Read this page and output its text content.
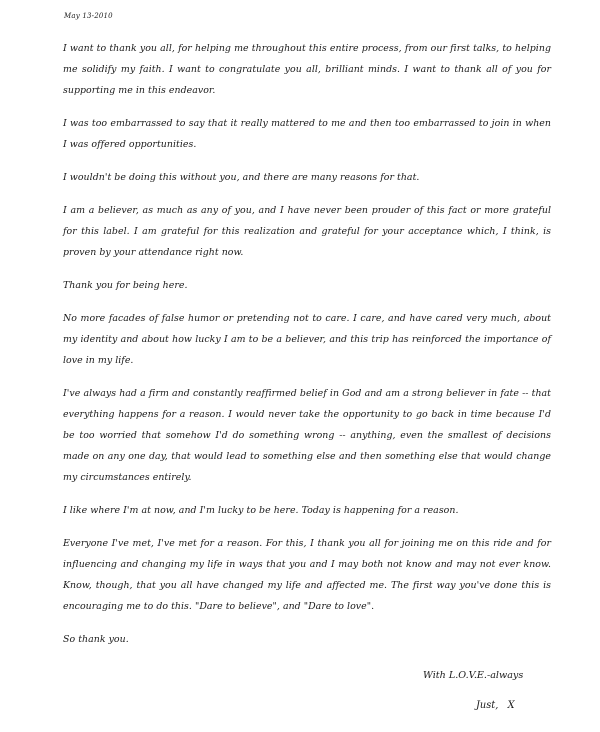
May 13-2010

I want to thank you all, for helping me throughout this entire process, from our first talks, to helping me solidify my faith. I want to congratulate you all, brilliant minds. I want to thank all of you for supporting me in this endeavor.

I was too embarrassed to say that it really mattered to me and then too embarrassed to join in when I was offered opportunities.

I wouldn't be doing this without you, and there are many reasons for that.

I am a believer, as much as any of you, and I have never been prouder of this fact or more grateful for this label. I am grateful for this realization and grateful for your acceptance which, I think, is proven by your attendance right now.

Thank you for being here.

No more facades of false humor or pretending not to care. I care, and have cared very much, about my identity and about how lucky I am to be a believer, and this trip has reinforced the importance of love in my life.

I've always had a firm and constantly reaffirmed belief in God and am a strong believer in fate -- that everything happens for a reason. I would never take the opportunity to go back in time because I'd be too worried that somehow I'd do something wrong -- anything, even the smallest of decisions made on any one day, that would lead to something else and then something else that would change my circumstances entirely.

I like where I'm at now, and I'm lucky to be here. Today is happening for a reason.

Everyone I've met, I've met for a reason. For this, I thank you all for joining me on this ride and for influencing and changing my life in ways that you and I may both not know and may not ever know. Know, though, that you all have changed my life and affected me. The first way you've done this is encouraging me to do this. "Dare to believe", and "Dare to love".

So thank you.

With L.O.V.E.-always
Just,   X
